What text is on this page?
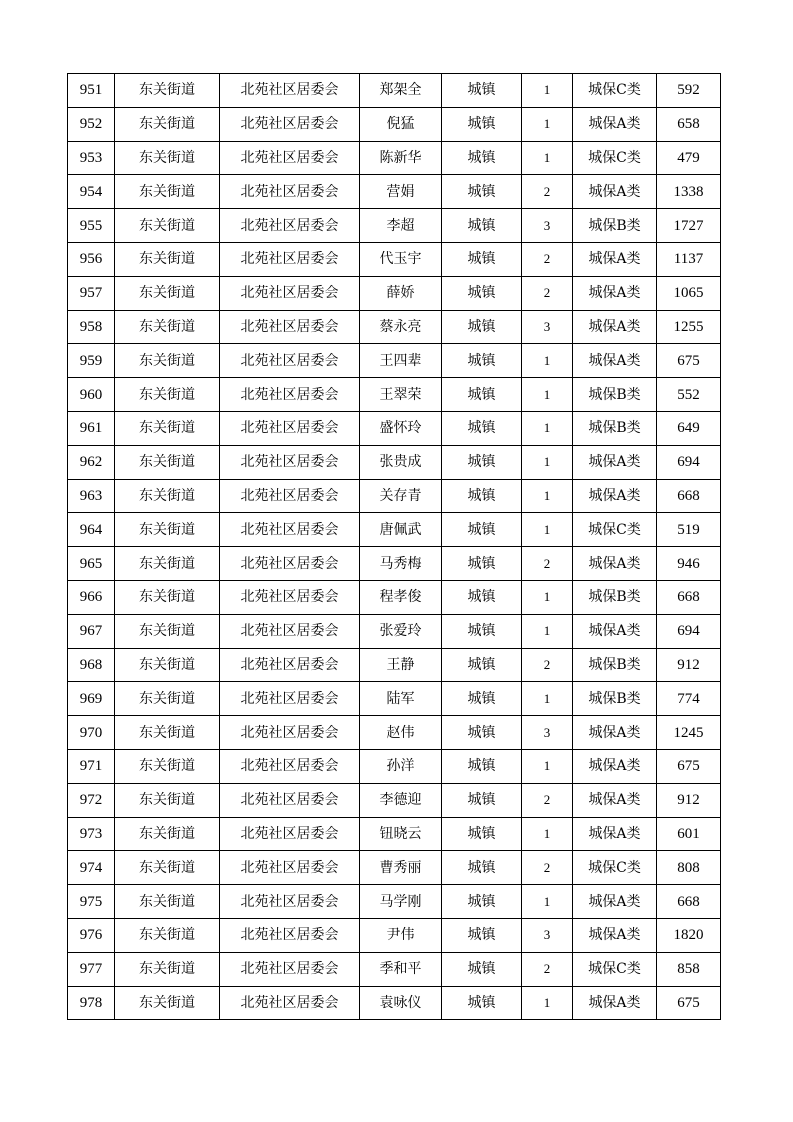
951	东关街道	北苑社区居委会	郑架全	城镇	1	城保C类	592
952	东关街道	北苑社区居委会	倪猛	城镇	1	城保A类	658
953	东关街道	北苑社区居委会	陈新华	城镇	1	城保C类	479
954	东关街道	北苑社区居委会	营娟	城镇	2	城保A类	1338
955	东关街道	北苑社区居委会	李超	城镇	3	城保B类	1727
956	东关街道	北苑社区居委会	代玉宇	城镇	2	城保A类	1137
957	东关街道	北苑社区居委会	薛娇	城镇	2	城保A类	1065
958	东关街道	北苑社区居委会	蔡永亮	城镇	3	城保A类	1255
959	东关街道	北苑社区居委会	王四辈	城镇	1	城保A类	675
960	东关街道	北苑社区居委会	王翠荣	城镇	1	城保B类	552
961	东关街道	北苑社区居委会	盛怀玲	城镇	1	城保B类	649
962	东关街道	北苑社区居委会	张贵成	城镇	1	城保A类	694
963	东关街道	北苑社区居委会	关存青	城镇	1	城保A类	668
964	东关街道	北苑社区居委会	唐佩武	城镇	1	城保C类	519
965	东关街道	北苑社区居委会	马秀梅	城镇	2	城保A类	946
966	东关街道	北苑社区居委会	程孝俊	城镇	1	城保B类	668
967	东关街道	北苑社区居委会	张爱玲	城镇	1	城保A类	694
968	东关街道	北苑社区居委会	王静	城镇	2	城保B类	912
969	东关街道	北苑社区居委会	陆军	城镇	1	城保B类	774
970	东关街道	北苑社区居委会	赵伟	城镇	3	城保A类	1245
971	东关街道	北苑社区居委会	孙洋	城镇	1	城保A类	675
972	东关街道	北苑社区居委会	李德迎	城镇	2	城保A类	912
973	东关街道	北苑社区居委会	钮晓云	城镇	1	城保A类	601
974	东关街道	北苑社区居委会	曹秀丽	城镇	2	城保C类	808
975	东关街道	北苑社区居委会	马学刚	城镇	1	城保A类	668
976	东关街道	北苑社区居委会	尹伟	城镇	3	城保A类	1820
977	东关街道	北苑社区居委会	季和平	城镇	2	城保C类	858
978	东关街道	北苑社区居委会	袁咏仪	城镇	1	城保A类	675
